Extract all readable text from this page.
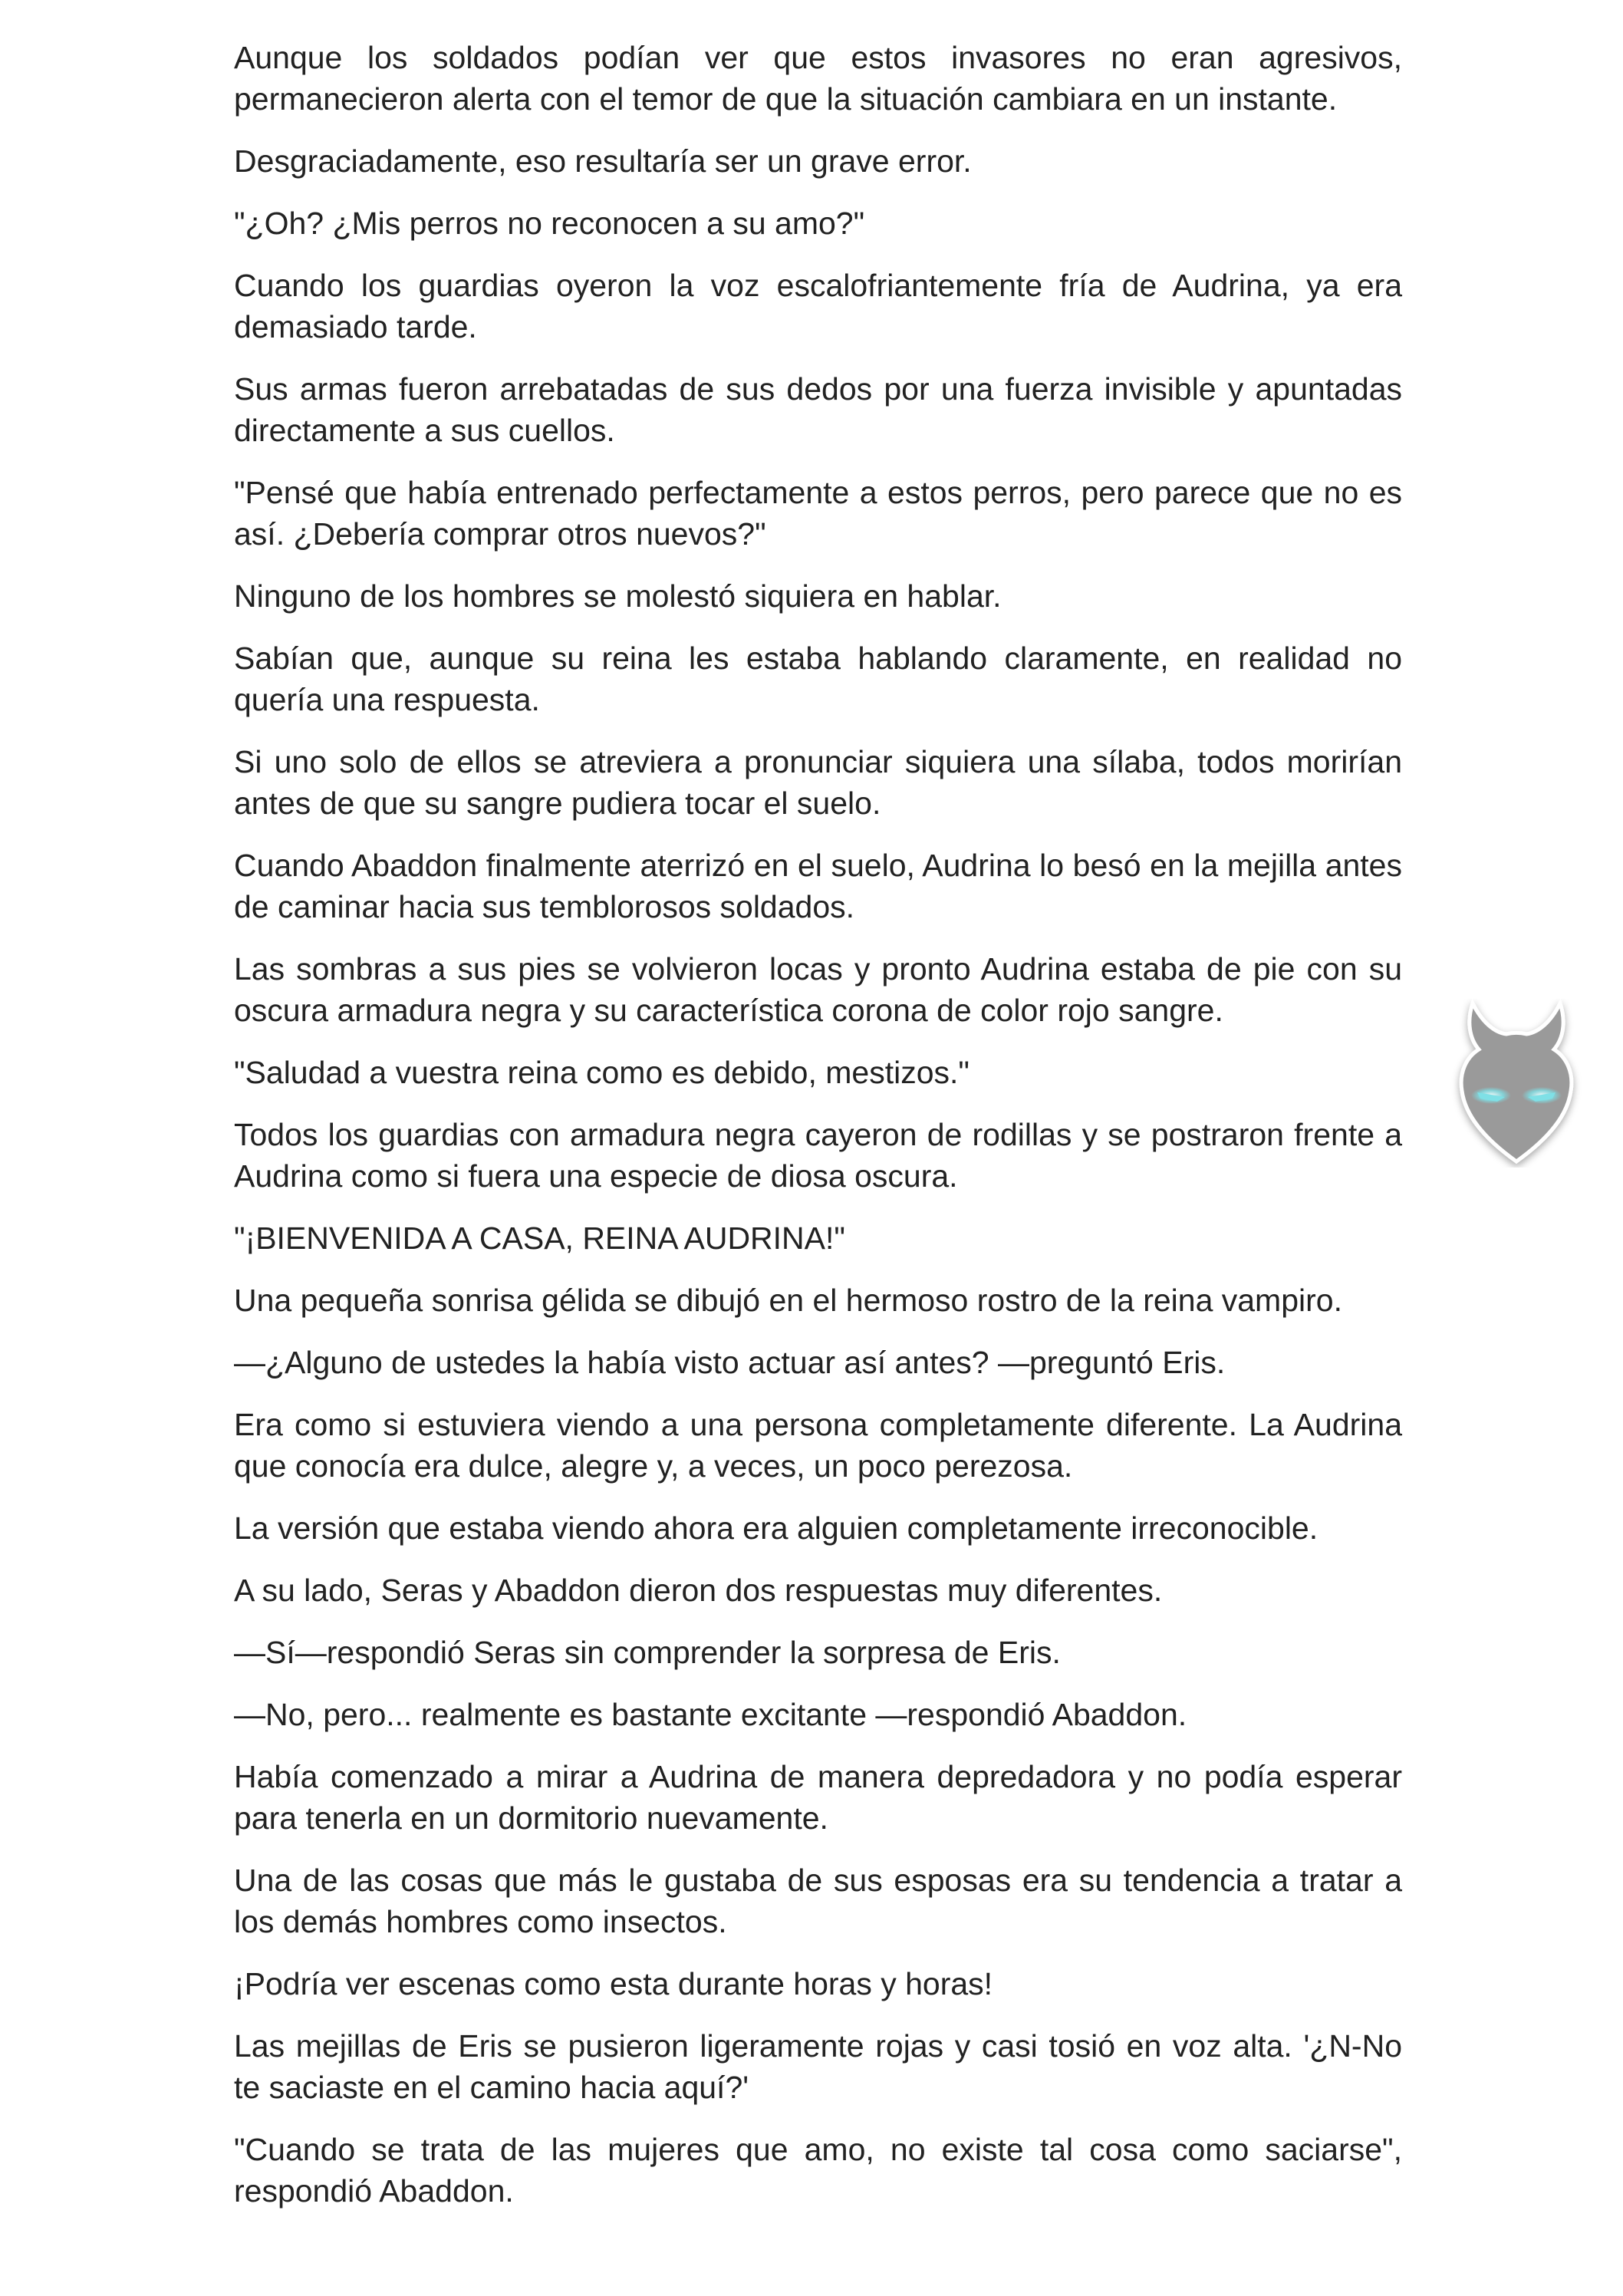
Aunque los soldados podían ver que estos invasores no eran agresivos, permanecieron alerta con el temor de que la situación cambiara en un instante.

Desgraciadamente, eso resultaría ser un grave error.

"¿Oh? ¿Mis perros no reconocen a su amo?"

Cuando los guardias oyeron la voz escalofriantemente fría de Audrina, ya era demasiado tarde.

Sus armas fueron arrebatadas de sus dedos por una fuerza invisible y apuntadas directamente a sus cuellos.

"Pensé que había entrenado perfectamente a estos perros, pero parece que no es así. ¿Debería comprar otros nuevos?"

Ninguno de los hombres se molestó siquiera en hablar.

Sabían que, aunque su reina les estaba hablando claramente, en realidad no quería una respuesta.

Si uno solo de ellos se atreviera a pronunciar siquiera una sílaba, todos morirían antes de que su sangre pudiera tocar el suelo.

Cuando Abaddon finalmente aterrizó en el suelo, Audrina lo besó en la mejilla antes de caminar hacia sus temblorosos soldados.

Las sombras a sus pies se volvieron locas y pronto Audrina estaba de pie con su oscura armadura negra y su característica corona de color rojo sangre.

"Saludad a vuestra reina como es debido, mestizos."

Todos los guardias con armadura negra cayeron de rodillas y se postraron frente a Audrina como si fuera una especie de diosa oscura.

"¡BIENVENIDA A CASA, REINA AUDRINA!"

Una pequeña sonrisa gélida se dibujó en el hermoso rostro de la reina vampiro.

—¿Alguno de ustedes la había visto actuar así antes? —preguntó Eris.

Era como si estuviera viendo a una persona completamente diferente. La Audrina que conocía era dulce, alegre y, a veces, un poco perezosa.

La versión que estaba viendo ahora era alguien completamente irreconocible.

A su lado, Seras y Abaddon dieron dos respuestas muy diferentes.

—Sí—respondió Seras sin comprender la sorpresa de Eris.

—No, pero... realmente es bastante excitante —respondió Abaddon.

Había comenzado a mirar a Audrina de manera depredadora y no podía esperar para tenerla en un dormitorio nuevamente.

Una de las cosas que más le gustaba de sus esposas era su tendencia a tratar a los demás hombres como insectos.

¡Podría ver escenas como esta durante horas y horas!

Las mejillas de Eris se pusieron ligeramente rojas y casi tosió en voz alta. '¿N-No te saciaste en el camino hacia aquí?'

"Cuando se trata de las mujeres que amo, no existe tal cosa como saciarse", respondió Abaddon.
